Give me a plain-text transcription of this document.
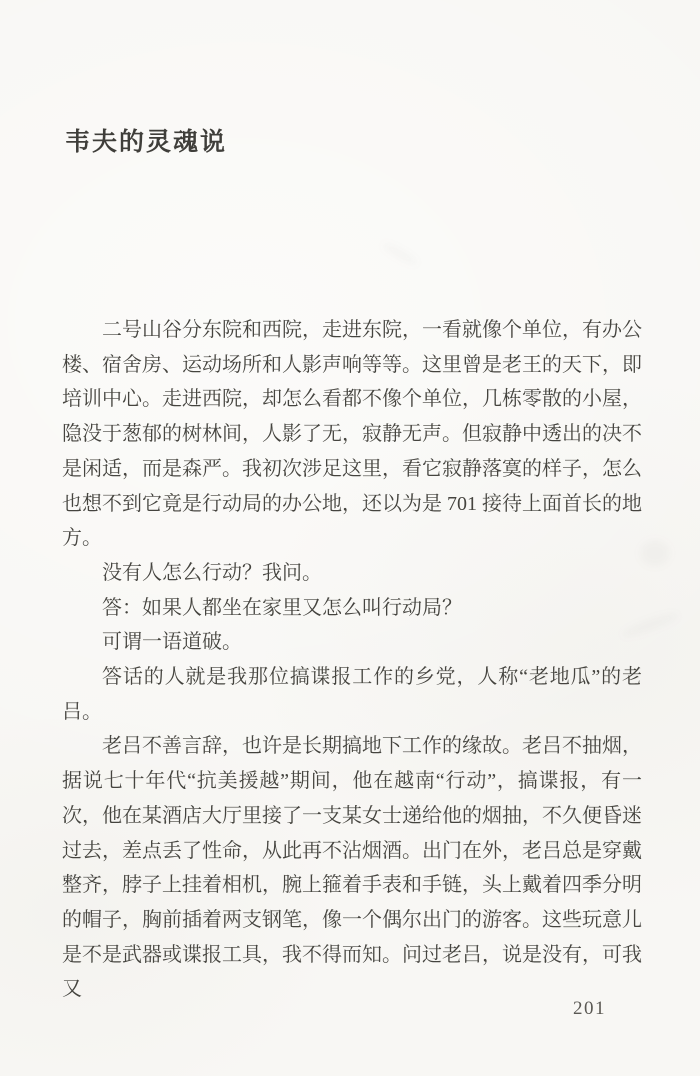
韦夫的灵魂说

二号山谷分东院和西院，走进东院，一看就像个单位，有办公楼、宿舍房、运动场所和人影声响等等。这里曾是老王的天下，即培训中心。走进西院，却怎么看都不像个单位，几栋零散的小屋，隐没于葱郁的树林间，人影了无，寂静无声。但寂静中透出的决不是闲适，而是森严。我初次涉足这里，看它寂静落寞的样子，怎么也想不到它竟是行动局的办公地，还以为是 701 接待上面首长的地方。

没有人怎么行动？我问。

答：如果人都坐在家里又怎么叫行动局？

可谓一语道破。

答话的人就是我那位搞谍报工作的乡党，人称“老地瓜”的老吕。

老吕不善言辞，也许是长期搞地下工作的缘故。老吕不抽烟，据说七十年代“抗美援越”期间，他在越南“行动”，搞谍报，有一次，他在某酒店大厅里接了一支某女士递给他的烟抽，不久便昏迷过去，差点丢了性命，从此再不沾烟酒。出门在外，老吕总是穿戴整齐，脖子上挂着相机，腕上箍着手表和手链，头上戴着四季分明的帽子，胸前插着两支钢笔，像一个偶尔出门的游客。这些玩意儿是不是武器或谍报工具，我不得而知。问过老吕，说是没有，可我又

201
